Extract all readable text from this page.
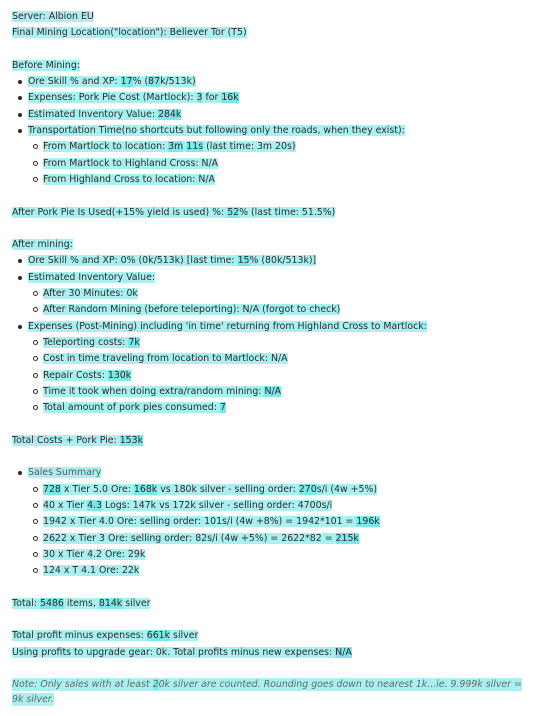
Server: Albion EU
Final Mining Location("location"): Believer Tor (T5)
Before Mining:
Ore Skill % and XP: 17% (87k/513k)
Expenses: Pork Pie Cost (Martlock): 3 for 16k
Estimated Inventory Value: 284k
Transportation Time(no shortcuts but following only the roads, when they exist):
From Martlock to location: 3m 11s (last time: 3m 20s)
From Martlock to Highland Cross: N/A
From Highland Cross to location: N/A
After Pork Pie Is Used(+15% yield is used) %: 52% (last time: 51.5%)
After mining:
Ore Skill % and XP: 0% (0k/513k) [last time: 15% (80k/513k)]
Estimated Inventory Value:
After 30 Minutes: 0k
After Random Mining (before teleporting): N/A (forgot to check)
Expenses (Post-Mining) including 'in time' returning from Highland Cross to Martlock:
Teleporting costs: 7k
Cost in time traveling from location to Martlock: N/A
Repair Costs: 130k
Time it took when doing extra/random mining: N/A
Total amount of pork pies consumed: 7
Total Costs + Pork Pie: 153k
Sales Summary
728 x Tier 5.0 Ore: 168k vs 180k silver - selling order: 270s/i (4w +5%)
40 x Tier 4.3 Logs: 147k vs 172k silver - selling order: 4700s/i
1942 x Tier 4.0 Ore: selling order: 101s/i (4w +8%) = 1942*101 = 196k
2622 x Tier 3 Ore: selling order: 82s/i (4w +5%) = 2622*82 = 215k
30 x Tier 4.2 Ore: 29k
124 x T 4.1 Ore: 22k
Total: 5486 items, 814k silver
Total profit minus expenses: 661k silver
Using profits to upgrade gear: 0k. Total profits minus new expenses: N/A
Note: Only sales with at least 20k silver are counted. Rounding goes down to nearest 1k...ie. 9.999k silver = 9k silver.
